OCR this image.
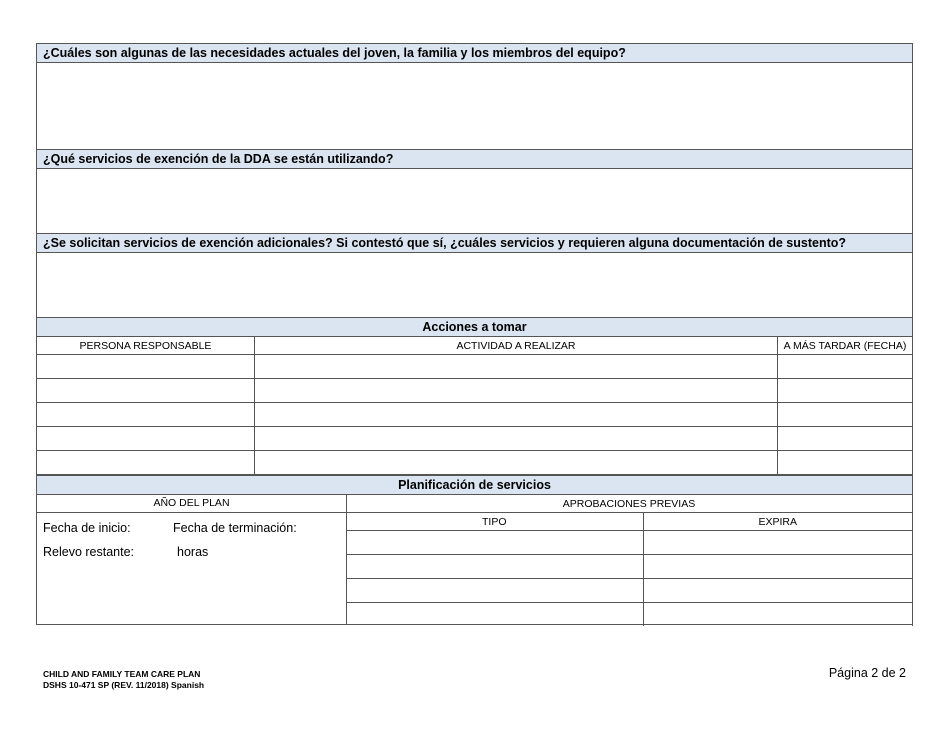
¿Cuáles son algunas de las necesidades actuales del joven, la familia y los miembros del equipo?
¿Qué servicios de exención de la DDA se están utilizando?
¿Se solicitan servicios de exención adicionales? Si contestó que sí, ¿cuáles servicios y requieren alguna documentación de sustento?
Acciones a tomar
PERSONA RESPONSABLE	ACTIVIDAD A REALIZAR	A MÁS TARDAR (FECHA)

Planificación de servicios
AÑO DEL PLAN
Fecha de inicio:	Fecha de terminación:
Relevo restante:	horas
APROBACIONES PREVIAS	
TIPO	EXPIRA

CHILD AND FAMILY TEAM CARE PLAN
DSHS 10-471 SP (REV. 11/2018) Spanish
Página 2 de 2
